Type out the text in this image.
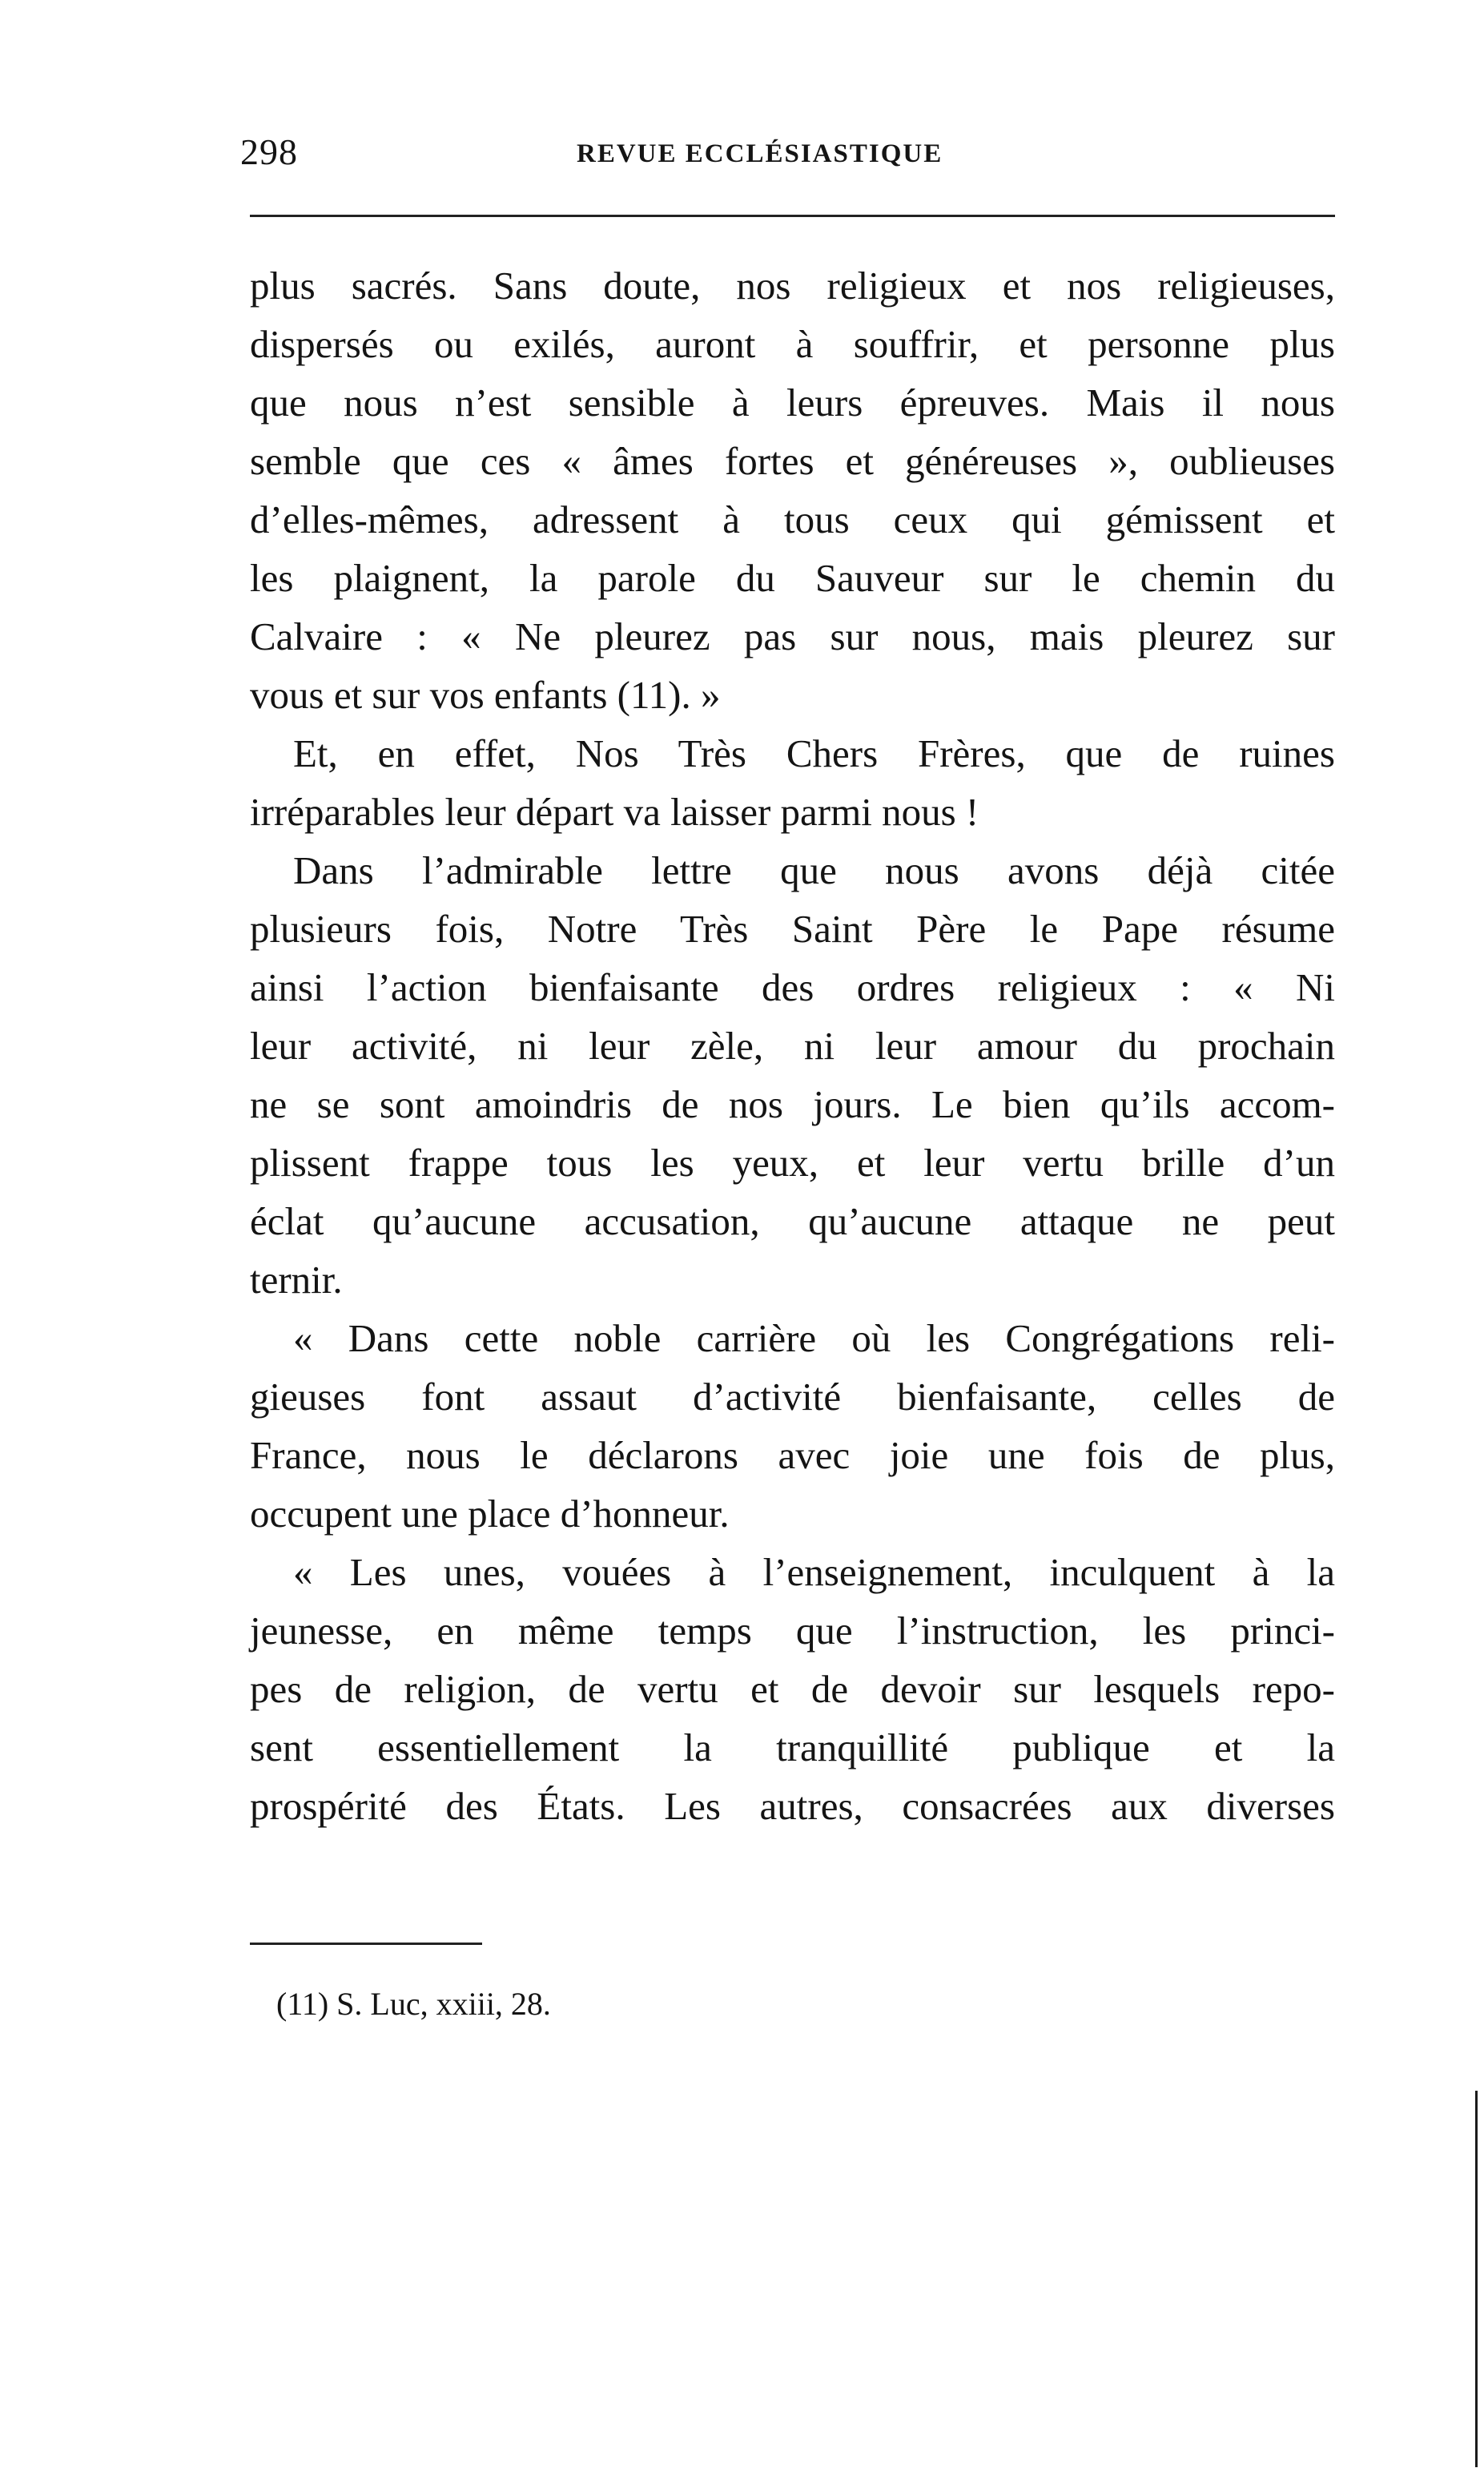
298	REVUE ECCLÉSIASTIQUE
plus sacrés. Sans doute, nos religieux et nos religieuses,
dispersés ou exilés, auront à souffrir, et personne plus
que nous n’est sensible à leurs épreuves. Mais il nous
semble que ces « âmes fortes et généreuses », oublieuses
d’elles-mêmes, adressent à tous ceux qui gémissent et
les plaignent, la parole du Sauveur sur le chemin du
Calvaire : « Ne pleurez pas sur nous, mais pleurez sur
vous et sur vos enfants (11). »
Et, en effet, Nos Très Chers Frères, que de ruines
irréparables leur départ va laisser parmi nous !
Dans l’admirable lettre que nous avons déjà citée
plusieurs fois, Notre Très Saint Père le Pape résume
ainsi l’action bienfaisante des ordres religieux : « Ni
leur activité, ni leur zèle, ni leur amour du prochain
ne se sont amoindris de nos jours. Le bien qu’ils accom-
plissent frappe tous les yeux, et leur vertu brille d’un
éclat qu’aucune accusation, qu’aucune attaque ne peut
ternir.
« Dans cette noble carrière où les Congrégations reli-
gieuses font assaut d’activité bienfaisante, celles de
France, nous le déclarons avec joie une fois de plus,
occupent une place d’honneur.
« Les unes, vouées à l’enseignement, inculquent à la
jeunesse, en même temps que l’instruction, les princi-
pes de religion, de vertu et de devoir sur lesquels repo-
sent essentiellement la tranquillité publique et la
prospérité des États. Les autres, consacrées aux diverses
(11) S. Luc, xxiii, 28.
